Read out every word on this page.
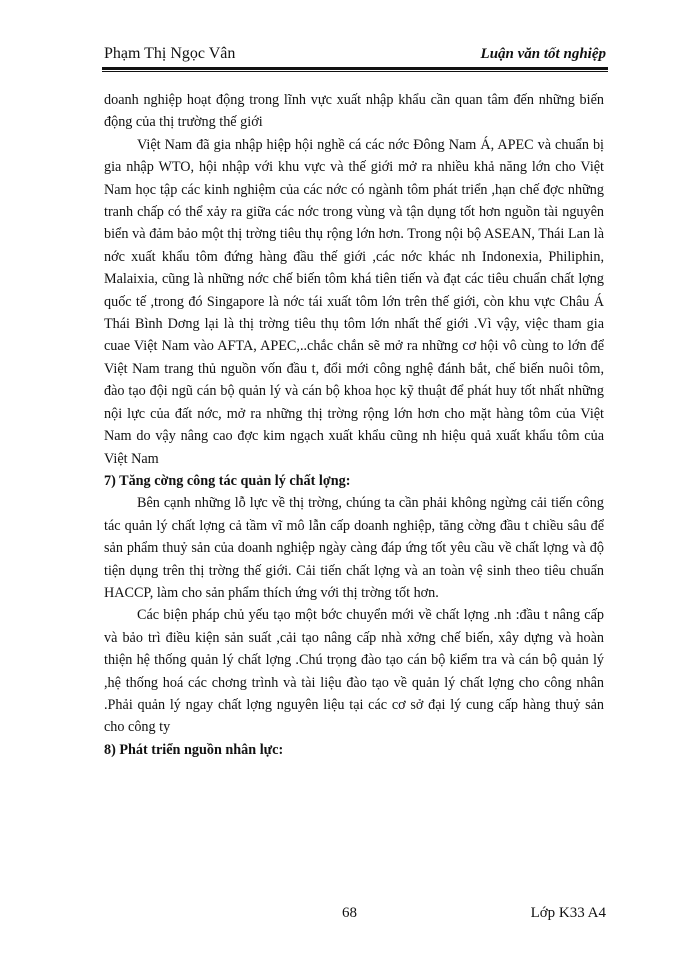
Phạm Thị Ngọc Vân	Luận văn tốt nghiệp

doanh nghiệp hoạt động trong lĩnh vực xuất nhập khẩu cần quan tâm đến những biến động của thị trường thế giới

Việt Nam đã gia nhập hiệp hội nghề cá các nớc Đông Nam Á, APEC và chuẩn bị gia nhập WTO, hội nhập với khu vực và thế giới mở ra nhiều khả năng lớn cho Việt Nam học tập các kinh nghiệm của các nớc có ngành tôm phát triển ,hạn chế đợc những tranh chấp có thể xảy ra giữa các nớc trong vùng và tận dụng tốt hơn nguồn tài nguyên biển và đảm bảo một thị trờng tiêu thụ rộng lớn hơn. Trong nội bộ ASEAN, Thái Lan là nớc xuất khẩu tôm đứng hàng đầu thế giới ,các nớc khác nh Indonexia, Philiphin, Malaixia, cũng là những nớc chế biến tôm khá tiên tiến và đạt các tiêu chuẩn chất lợng quốc tế ,trong đó Singapore là nớc tái xuất tôm lớn trên thế giới, còn khu vực Châu Á Thái Bình Dơng lại là thị trờng tiêu thụ tôm lớn nhất thế giới .Vì vậy, việc tham gia cuae Việt Nam vào AFTA, APEC,..chắc chắn sẽ mở ra những cơ hội vô cùng to lớn để Việt Nam trang thủ nguồn vốn đầu t, đổi mới công nghệ đánh bắt, chế biến nuôi tôm, đào tạo đội ngũ cán bộ quản lý và cán bộ khoa học kỹ thuật để phát huy tốt nhất những nội lực của đất nớc, mở ra những thị trờng rộng lớn hơn cho mặt hàng tôm của Việt Nam do vậy nâng cao đợc kim ngạch xuất khẩu cũng nh hiệu quả xuất khẩu tôm của Việt Nam

7) Tăng cờng công tác quản lý chất lợng:

Bên cạnh những lỗ lực về thị trờng, chúng ta cần phải không ngừng cải tiến công tác quản lý chất lợng cả tầm vĩ mô lẫn cấp doanh nghiệp, tăng cờng đầu t chiều sâu để sản phẩm thuỷ sản của doanh nghiệp ngày càng đáp ứng tốt yêu cầu về chất lợng và độ tiện dụng trên thị trờng thế giới. Cải tiến chất lợng và an toàn vệ sinh theo tiêu chuẩn HACCP, làm cho sản phẩm thích ứng với thị trờng tốt hơn.

Các biện pháp chủ yếu tạo một bớc chuyển mới về chất lợng .nh :đầu t nâng cấp và bảo trì điều kiện sản suất ,cải tạo nâng cấp nhà xởng chế biến, xây dựng và hoàn thiện hệ thống quản lý chất lợng .Chú trọng đào tạo cán bộ kiểm tra và cán bộ quản lý ,hệ thống hoá các chơng trình và tài liệu đào tạo về quản lý chất lợng cho công nhân .Phải quản lý ngay chất lợng nguyên liệu tại các cơ sở đại lý cung cấp hàng thuỷ sản cho công ty

8) Phát triển nguồn nhân lực:

68	Lớp K33 A4
